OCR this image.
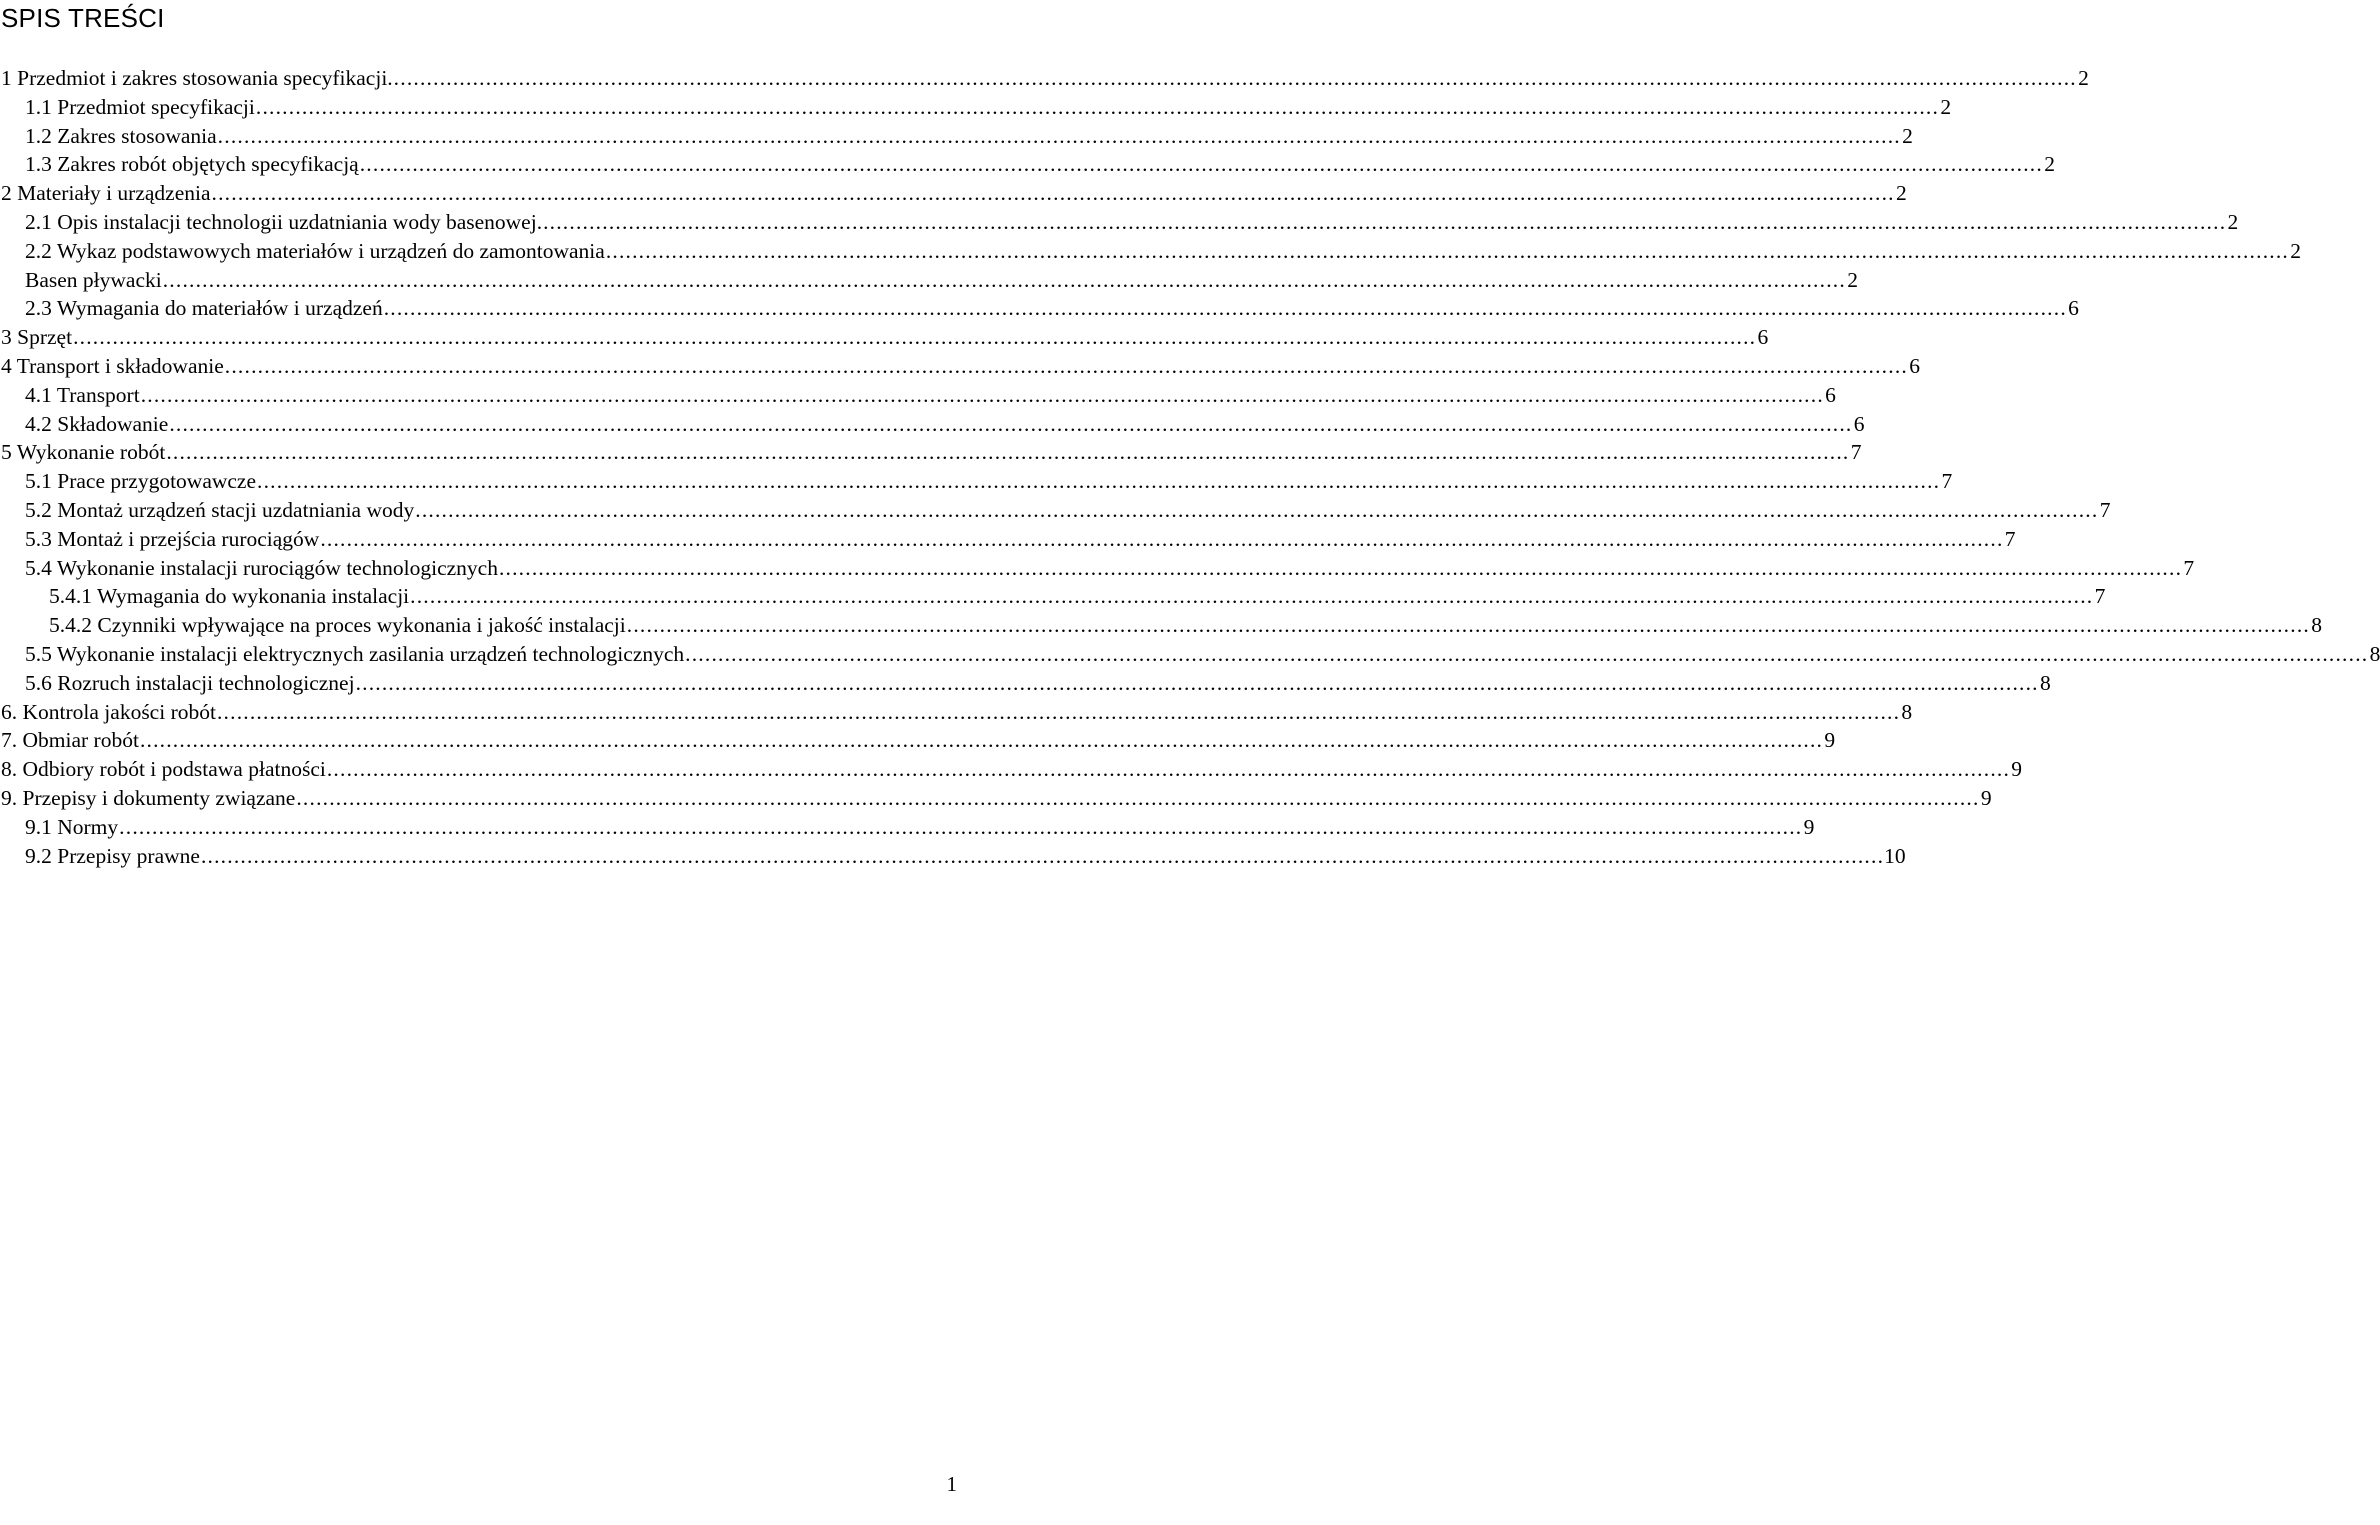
SPIS TREŚCI
1 Przedmiot i zakres stosowania specyfikacji. .....	2
1.1 Przedmiot specyfikacji .....	2
1.2 Zakres stosowania .....	2
1.3 Zakres robót objętych specyfikacją .....	2
2 Materiały i urządzenia .....	2
2.1 Opis instalacji technologii uzdatniania wody basenowej. .....	2
2.2 Wykaz podstawowych materiałów i urządzeń do zamontowania .....	2
Basen pływacki .....	2
2.3 Wymagania do materiałów i urządzeń .....	6
3 Sprzęt .....	6
4 Transport i składowanie .....	6
4.1 Transport .....	6
4.2 Składowanie .....	6
5 Wykonanie robót .....	7
5.1 Prace przygotowawcze .....	7
5.2 Montaż urządzeń stacji uzdatniania wody .....	7
5.3 Montaż i przejścia rurociągów .....	7
5.4 Wykonanie instalacji rurociągów technologicznych .....	7
5.4.1 Wymagania do wykonania instalacji .....	7
5.4.2 Czynniki wpływające na proces wykonania i jakość instalacji .....	8
5.5 Wykonanie instalacji elektrycznych zasilania urządzeń technologicznych .....	8
5.6 Rozruch instalacji technologicznej .....	8
6. Kontrola jakości robót .....	8
7. Obmiar robót .....	9
8. Odbiory robót i podstawa płatności .....	9
9. Przepisy i dokumenty związane .....	9
9.1 Normy .....	9
9.2 Przepisy prawne .....	10
1
